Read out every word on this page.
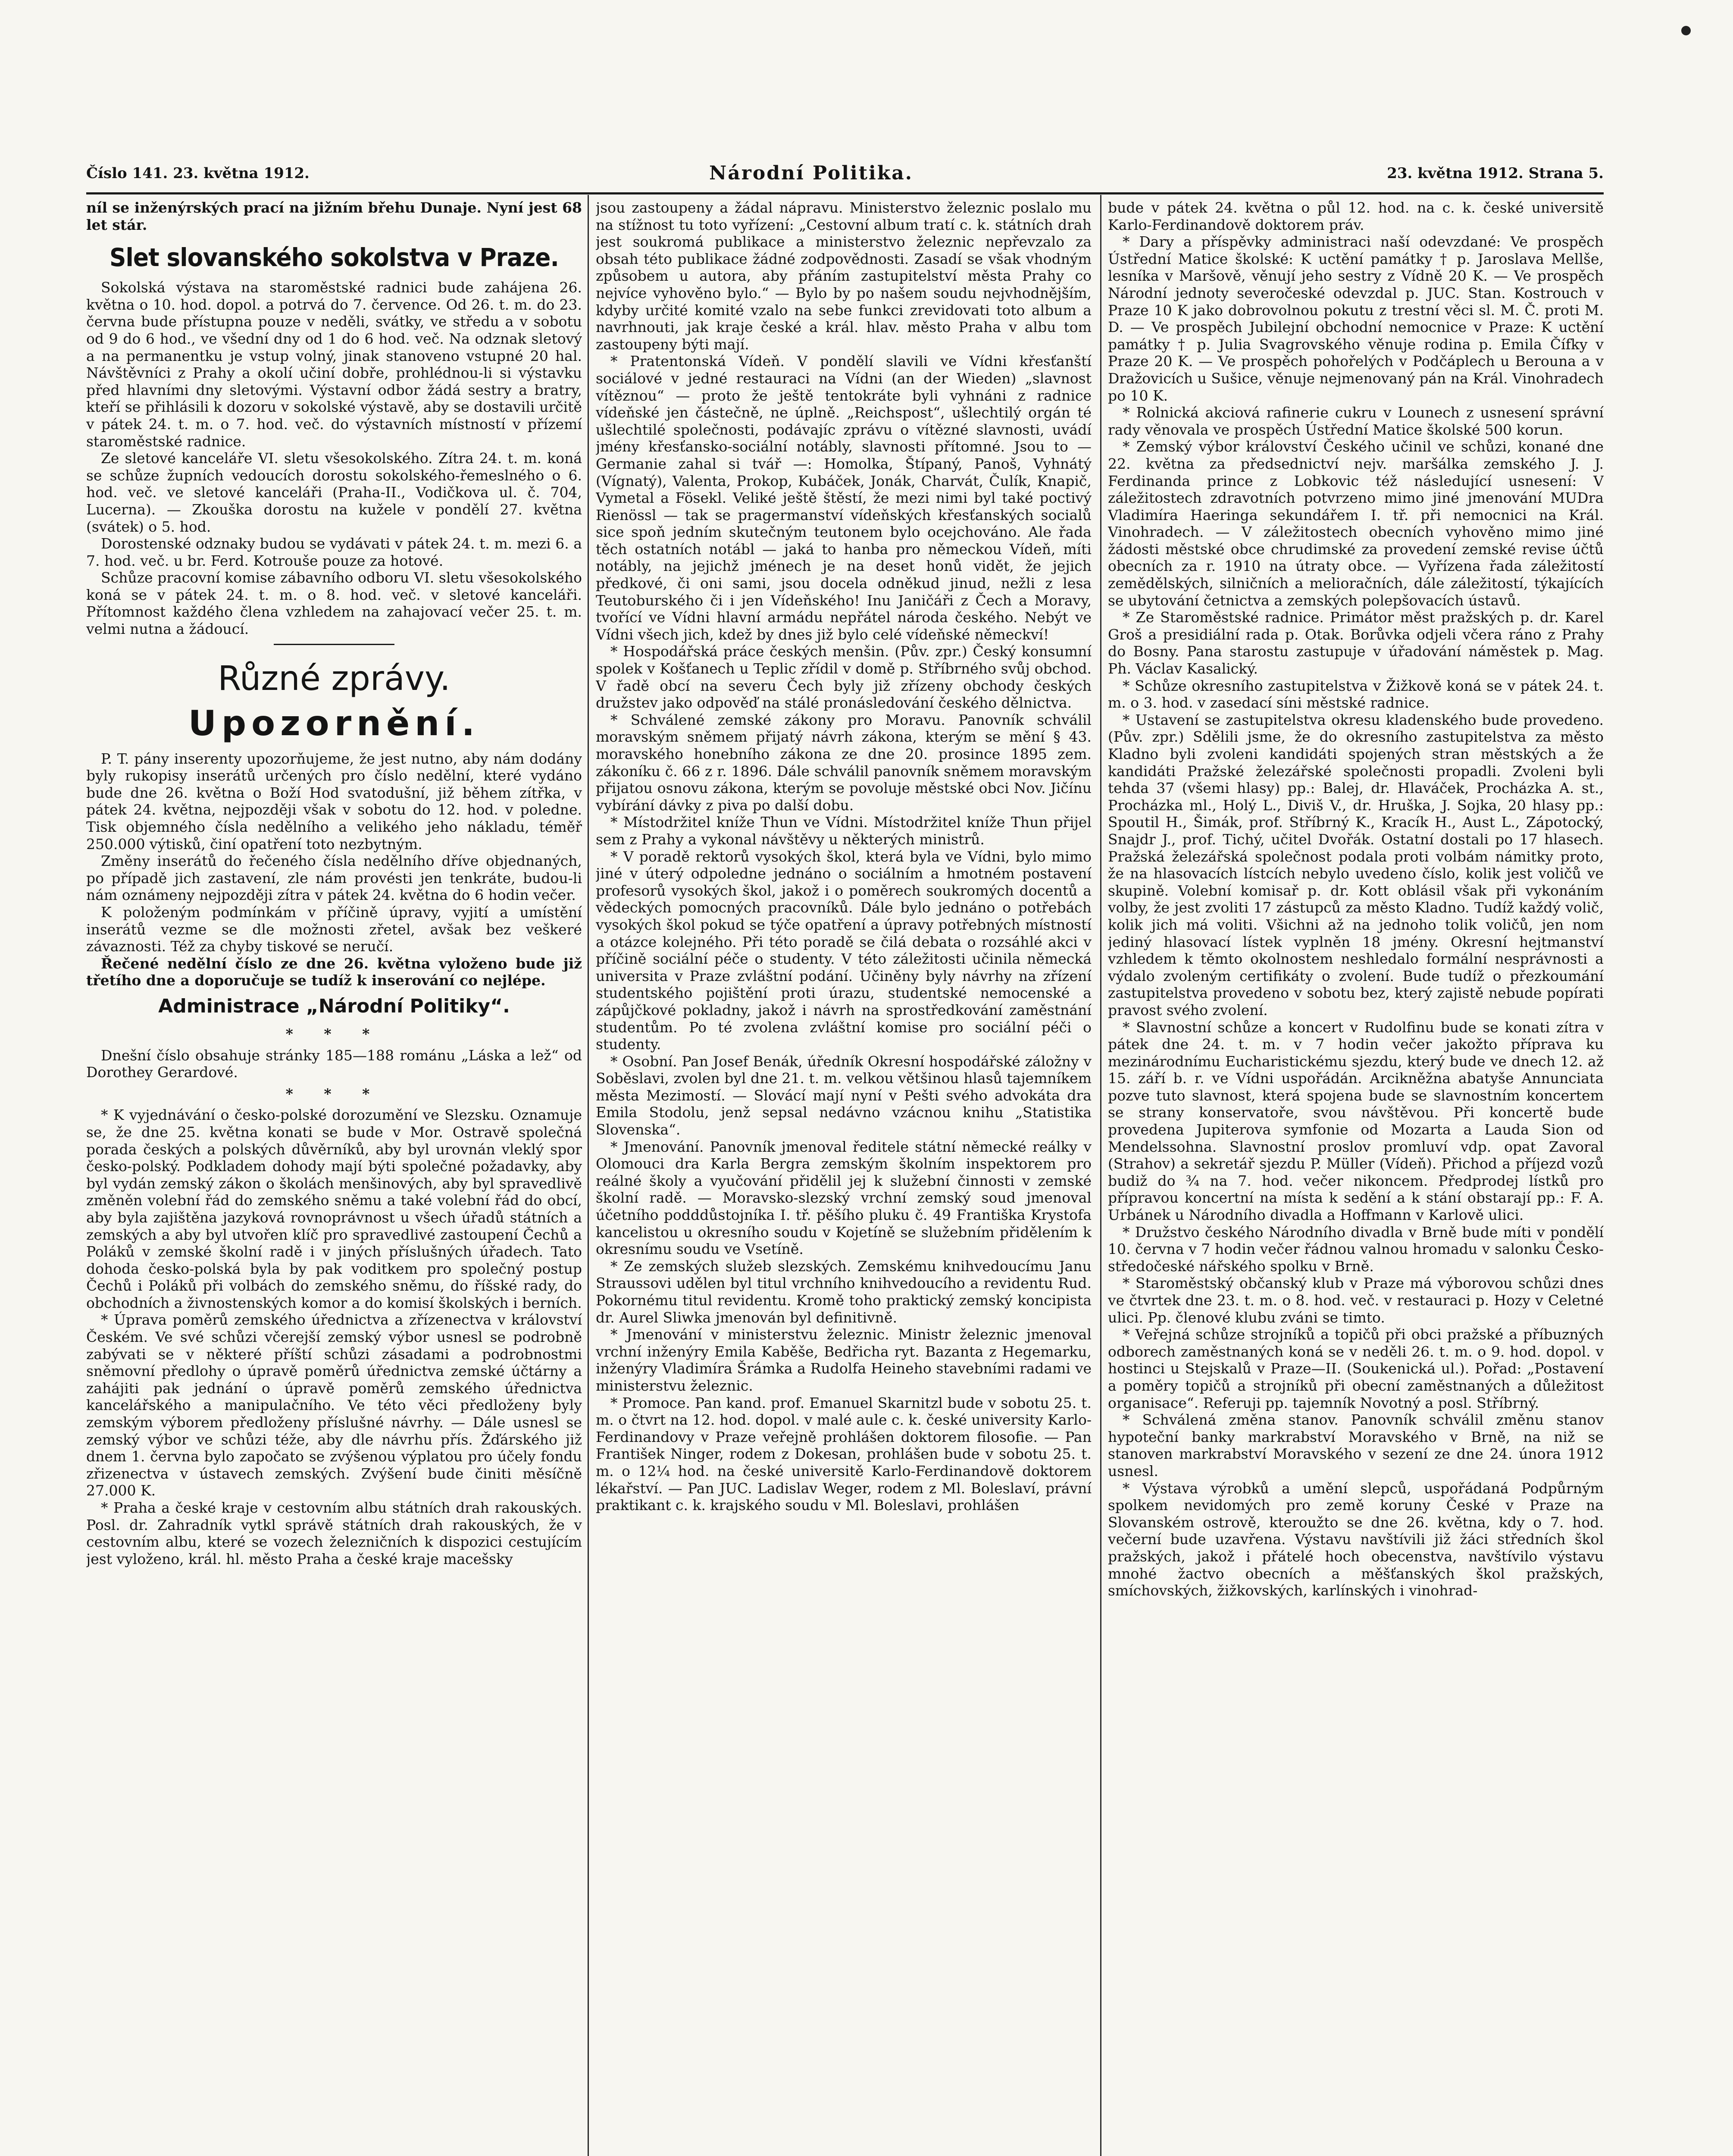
Číslo 141. 23. května 1912.	Národní Politika.	23. května 1912. Strana 5.

níl se inženýrských prací na jižním břehu Dunaje. Nyní jest 68 let stár.

Slet slovanského sokolstva v Praze.

Sokolská výstava na staroměstské radnici bude zahájena 26. května o 10. hod. dopol. a potrvá do 7. července. Od 26. t. m. do 23. června bude přístupna pouze v neděli, svátky, ve středu a v sobotu od 9 do 6 hod., ve všední dny od 1 do 6 hod. več. Na odznak sletový a na permanentku je vstup volný, jinak stanoveno vstupné 20 hal. Návštěvníci z Prahy a okolí učiní dobře, prohlédnou-li si výstavku před hlavními dny sletovými. Výstavní odbor žádá sestry a bratry, kteří se přihlásili k dozoru v sokolské výstavě, aby se dostavili určitě v pátek 24. t. m. o 7. hod. več. do výstavních místností v přízemí staroměstské radnice.

Ze sletové kanceláře VI. sletu všesokolského. Zítra 24. t. m. koná se schůze župních vedoucích dorostu sokolského-řemeslného o 6. hod. več. ve sletové kanceláři (Praha-II., Vodičkova ul. č. 704, Lucerna). — Zkouška dorostu na kužele v pondělí 27. května (svátek) o 5. hod.

Dorostenské odznaky budou se vydávati v pátek 24. t. m. mezi 6. a 7. hod. več. u br. Ferd. Kotrouše pouze za hotové.

Schůze pracovní komise zábavního odboru VI. sletu všesokolského koná se v pátek 24. t. m. o 8. hod. več. v sletové kanceláři. Přítomnost každého člena vzhledem na zahajovací večer 25. t. m. velmi nutna a žádoucí.

Různé zprávy.
Upozornění.

P. T. pány inserenty upozorňujeme, že jest nutno, aby nám dodány byly rukopisy inserátů určených pro číslo nedělní, které vydáno bude dne 26. května o Boží Hod svatodušní, již během zítřka, v pátek 24. května, nejpozději však v sobotu do 12. hod. v poledne. Tisk objemného čísla nedělního a velikého jeho nákladu, téměř 250.000 výtisků, činí opatření toto nezbytným.

Změny inserátů do řečeného čísla nedělního dříve objednaných, po případě jich zastavení, zle nám provésti jen tenkráte, budou-li nám oznámeny nejpozději zítra v pátek 24. května do 6 hodin večer.

K položeným podmínkám v příčině úpravy, vyjití a umístění inserátů vezme se dle možnosti zřetel, avšak bez veškeré závaznosti. Též za chyby tiskové se neručí.

Řečené nedělní číslo ze dne 26. května vyloženo bude již třetího dne a doporučuje se tudíž k inserování co nejlépe.

Administrace „Národní Politiky“.
* * *

Dnešní číslo obsahuje stránky 185—188 románu „Láska a lež“ od Dorothey Gerardové.

* * *

* K vyjednávání o česko-polské dorozumění ve Slezsku. Oznamuje se, že dne 25. května konati se bude v Mor. Ostravě společná porada českých a polských důvěrníků, aby byl urovnán vleklý spor česko-polský. Podkladem dohody mají býti společné požadavky, aby byl vydán zemský zákon o školách menšinových, aby byl spravedlivě změněn volební řád do zemského sněmu a také volební řád do obcí, aby byla zajištěna jazyková rovnoprávnost u všech úřadů státních a zemských a aby byl utvořen klíč pro spravedlivé zastoupení Čechů a Poláků v zemské školní radě i v jiných příslušných úřadech. Tato dohoda česko-polská byla by pak voditkem pro společný postup Čechů i Poláků při volbách do zemského sněmu, do říšské rady, do obchodních a živnostenských komor a do komisí školských i berních.

* Úprava poměrů zemského úřednictva a zřízenectva v království Českém. Ve své schůzi včerejší zemský výbor usnesl se podrobně zabývati se v některé příští schůzi zásadami a podrobnostmi sněmovní předlohy o úpravě poměrů úřednictva zemské účtárny a zahájiti pak jednání o úpravě poměrů zemského úřednictva kancelářského a manipulačního. Ve této věci předloženy byly zemským výborem předloženy příslušné návrhy. — Dále usnesl se zemský výbor ve schůzi téže, aby dle návrhu přís. Žďárského již dnem 1. června bylo započato se zvýšenou výplatou pro účely fondu zřizenectva v ústavech zemských. Zvýšení bude činiti měsíčně 27.000 K.

* Praha a české kraje v cestovním albu státních drah rakouských. Posl. dr. Zahradník vytkl správě státních drah rakouských, že v cestovním albu, které se vozech železničních k dispozici cestujícím jest vyloženo, král. hl. město Praha a české kraje macešsky

jsou zastoupeny a žádal nápravu. Ministerstvo železnic poslalo mu na stížnost tu toto vyřízení: „Cestovní album tratí c. k. státních drah jest soukromá publikace a ministerstvo železnic nepřevzalo za obsah této publikace žádné zodpovědnosti. Zasadí se však vhodným způsobem u autora, aby přáním zastupitelství města Prahy co nejvíce vyhověno bylo.“ — Bylo by po našem soudu nejvhodnějším, kdyby určité komité vzalo na sebe funkci zrevidovati toto album a navrhnouti, jak kraje české a král. hlav. město Praha v albu tom zastoupeny býti mají.

* Pratentonská Vídeň. V pondělí slavili ve Vídni křesťanští sociálové v jedné restauraci na Vídni (an der Wieden) „slavnost vítěznou“ — proto že ještě tentokráte byli vyhnáni z radnice vídeňské jen částečně, ne úplně. „Reichspost“, ušlechtilý orgán té ušlechtilé společnosti, podávajíc zprávu o vítězné slavnosti, uvádí jmény křesťansko-sociální notábly, slavnosti přítomné. Jsou to — Germanie zahal si tvář —: Homolka, Štípaný, Panoš, Vyhnátý (Vígnatý), Valenta, Prokop, Kubáček, Jonák, Charvát, Čulík, Knapič, Vymetal a Fösekl. Veliké ještě štěstí, že mezi nimi byl také poctivý Rienössl — tak se pragermanství vídeňských křesťanských socialů sice spoň jedním skutečným teutonem bylo ocejchováno. Ale řada těch ostatních notábl — jaká to hanba pro německou Vídeň, míti notábly, na jejichž jménech je na deset honů vidět, že jejich předkové, či oni sami, jsou docela odněkud jinud, nežli z lesa Teutoburského či i jen Vídeňského! Inu Janičáři z Čech a Moravy, tvořící ve Vídni hlavní armádu nepřátel národa českého. Nebýt ve Vídni všech jich, kdež by dnes již bylo celé vídeňské německví!

* Hospodářská práce českých menšin. (Pův. zpr.) Český konsumní spolek v Košťanech u Teplic zřídil v domě p. Stříbrného svůj obchod. V řadě obcí na severu Čech byly již zřízeny obchody českých družstev jako odpověď na stálé pronásledování českého dělnictva.

* Schválené zemské zákony pro Moravu. Panovník schválil moravským sněmem přijatý návrh zákona, kterým se mění § 43. moravského honebního zákona ze dne 20. prosince 1895 zem. zákoníku č. 66 z r. 1896. Dále schválil panovník sněmem moravským přijatou osnovu zákona, kterým se povoluje městské obci Nov. Jičínu vybírání dávky z piva po další dobu.

* Místodržitel kníže Thun ve Vídni. Místodržitel kníže Thun přijel sem z Prahy a vykonal návštěvy u některých ministrů.

* V poradě rektorů vysokých škol, která byla ve Vídni, bylo mimo jiné v úterý odpoledne jednáno o sociálním a hmotném postavení profesorů vysokých škol, jakož i o poměrech soukromých docentů a vědeckých pomocných pracovníků. Dále bylo jednáno o potřebách vysokých škol pokud se týče opatření a úpravy potřebných místností a otázce kolejného. Při této poradě se čilá debata o rozsáhlé akci v příčině sociální péče o studenty. V této záležitosti učinila německá universita v Praze zvláštní podání. Učiněny byly návrhy na zřízení studentského pojištění proti úrazu, studentské nemocenské a zápůjčkové pokladny, jakož i návrh na sprostředkování zaměstnání studentům. Po té zvolena zvláštní komise pro sociální péči o studenty.

* Osobní. Pan Josef Benák, úředník Okresní hospodářské záložny v Soběslavi, zvolen byl dne 21. t. m. velkou většinou hlasů tajemníkem města Mezimostí. — Slovácí mají nyní v Pešti svého advokáta dra Emila Stodolu, jenž sepsal nedávno vzácnou knihu „Statistika Slovenska“.

* Jmenování. Panovník jmenoval ředitele státní německé reálky v Olomouci dra Karla Bergra zemským školním inspektorem pro reálné školy a vyučování přidělil jej k služební činnosti v zemské školní radě. — Moravsko-slezský vrchní zemský soud jmenoval účetního podddůstojníka I. tř. pěšího pluku č. 49 Františka Krystofa kancelistou u okresního soudu v Kojetíně se služebním přidělením k okresnímu soudu ve Vsetíně.

* Ze zemských služeb slezských. Zemskému knihvedoucímu Janu Straussovi udělen byl titul vrchního knihvedoucího a revidentu Rud. Pokornému titul revidentu. Kromě toho praktický zemský koncipista dr. Aurel Sliwka jmenován byl definitivně.

* Jmenování v ministerstvu železnic. Ministr železnic jmenoval vrchní inženýry Emila Kaběše, Bedřicha ryt. Bazanta z Hegemarku, inženýry Vladimíra Šrámka a Rudolfa Heineho stavebními radami ve ministerstvu železnic.

* Promoce. Pan kand. prof. Emanuel Skarnitzl bude v sobotu 25. t. m. o čtvrt na 12. hod. dopol. v malé aule c. k. české university Karlo-Ferdinandovy v Praze veřejně prohlášen doktorem filosofie. — Pan František Ninger, rodem z Dokesan, prohlášen bude v sobotu 25. t. m. o 12¼ hod. na české universitě Karlo-Ferdinandově doktorem lékařství. — Pan JUC. Ladislav Weger, rodem z Ml. Boleslaví, právní praktikant c. k. krajského soudu v Ml. Boleslavi, prohlášen

bude v pátek 24. května o půl 12. hod. na c. k. české universitě Karlo-Ferdinandově doktorem práv.

* Dary a příspěvky administraci naší odevzdané: Ve prospěch Ústřední Matice školské: K uctění památky † p. Jaroslava Mellše, lesníka v Maršově, věnují jeho sestry z Vídně 20 K. — Ve prospěch Národní jednoty severočeské odevzdal p. JUC. Stan. Kostrouch v Praze 10 K jako dobrovolnou pokutu z trestní věci sl. M. Č. proti M. D. — Ve prospěch Jubilejní obchodní nemocnice v Praze: K uctění památky † p. Julia Svagrovského věnuje rodina p. Emila Čífky v Praze 20 K. — Ve prospěch pohořelých v Podčáplech u Berouna a v Dražovicích u Sušice, věnuje nejmenovaný pán na Král. Vinohradech po 10 K.

* Rolnická akciová rafinerie cukru v Lounech z usnesení správní rady věnovala ve prospěch Ústřední Matice školské 500 korun.

* Zemský výbor království Českého učinil ve schůzi, konané dne 22. května za předsednictví nejv. maršálka zemského J. J. Ferdinanda prince z Lobkovic též následující usnesení: V záležitostech zdravotních potvrzeno mimo jiné jmenování MUDra Vladimíra Haeringa sekundářem I. tř. při nemocnici na Král. Vinohradech. — V záležitostech obecních vyhověno mimo jiné žádosti městské obce chrudimské za provedení zemské revise účtů obecních za r. 1910 na útraty obce. — Vyřízena řada záležitostí zemědělských, silničních a melioračních, dále záležitostí, týkajících se ubytování četnictva a zemských polepšovacích ústavů.

* Ze Staroměstské radnice. Primátor měst pražských p. dr. Karel Groš a presidiální rada p. Otak. Borůvka odjeli včera ráno z Prahy do Bosny. Pana starostu zastupuje v úřadování náměstek p. Mag. Ph. Václav Kasalický.

* Schůze okresního zastupitelstva v Žižkově koná se v pátek 24. t. m. o 3. hod. v zasedací síni městské radnice.

* Ustavení se zastupitelstva okresu kladenského bude provedeno. (Pův. zpr.) Sdělili jsme, že do okresního zastupitelstva za město Kladno byli zvoleni kandidáti spojených stran městských a že kandidáti Pražské železářské společnosti propadli. Zvoleni byli tehda 37 (všemi hlasy) pp.: Balej, dr. Hlaváček, Procházka A. st., Procházka ml., Holý L., Diviš V., dr. Hruška, J. Sojka, 20 hlasy pp.: Spoutil H., Šimák, prof. Stříbrný K., Kracík H., Aust L., Zápotocký, Snajdr J., prof. Tichý, učitel Dvořák. Ostatní dostali po 17 hlasech. Pražská železářská společnost podala proti volbám námitky proto, že na hlasovacích lístcích nebylo uvedeno číslo, kolik jest voličů ve skupině. Volební komisař p. dr. Kott oblásil však při vykonáním volby, že jest zvoliti 17 zástupců za město Kladno. Tudíž každý volič, kolik jich má voliti. Všichni až na jednoho tolik voličů, jen nom jediný hlasovací lístek vyplněn 18 jmény. Okresní hejtmanství vzhledem k těmto okolnostem neshledalo formální nesprávnosti a výdalo zvoleným certifikáty o zvolení. Bude tudíž o přezkoumání zastupitelstva provedeno v sobotu bez, který zajistě nebude popírati pravost svého zvolení.

* Slavnostní schůze a koncert v Rudolfinu bude se konati zítra v pátek dne 24. t. m. v 7 hodin večer jakožto příprava ku mezinárodnímu Eucharistickému sjezdu, který bude ve dnech 12. až 15. září b. r. ve Vídni uspořádán. Arcikněžna abatyše Annunciata pozve tuto slavnost, která spojena bude se slavnostním koncertem se strany konservatoře, svou návštěvou. Při koncertě bude provedena Jupiterova symfonie od Mozarta a Lauda Sion od Mendelssohna. Slavnostní proslov promluví vdp. opat Zavoral (Strahov) a sekretář sjezdu P. Müller (Vídeň). Přichod a příjezd vozů budiž do ¾ na 7. hod. večer nikoncem. Předprodej lístků pro přípravou koncertní na místa k sedění a k stání obstarají pp.: F. A. Urbánek u Národního divadla a Hoffmann v Karlově ulici.

* Družstvo českého Národního divadla v Brně bude míti v pondělí 10. června v 7 hodin večer řádnou valnou hromadu v salonku Česko-středočeské nářského spolku v Brně.

* Staroměstský občanský klub v Praze má výborovou schůzi dnes ve čtvrtek dne 23. t. m. o 8. hod. več. v restauraci p. Hozy v Celetné ulici. Pp. členové klubu zváni se timto.

* Veřejná schůze strojníků a topičů při obci pražské a příbuzných odborech zaměstnaných koná se v neděli 26. t. m. o 9. hod. dopol. v hostinci u Stejskalů v Praze—II. (Soukenická ul.). Pořad: „Postavení a poměry topičů a strojníků při obecní zaměstnaných a důležitost organisace“. Referuji pp. tajemník Novotný a posl. Stříbrný.

* Schválená změna stanov. Panovník schválil změnu stanov hypoteční banky markrabství Moravského v Brně, na niž se stanoven markrabství Moravského v sezení ze dne 24. února 1912 usnesl.

* Výstava výrobků a umění slepců, uspořádaná Podpůrným spolkem nevidomých pro země koruny České v Praze na Slovanském ostrově, kteroužto se dne 26. května, kdy o 7. hod. večerní bude uzavřena. Výstavu navštívili již žáci středních škol pražských, jakož i přátelé hoch obecenstva, navštívilo výstavu mnohé žactvo obecních a měšťanských škol pražských, smíchovských, žižkovských, karlínských i vinohrad-
